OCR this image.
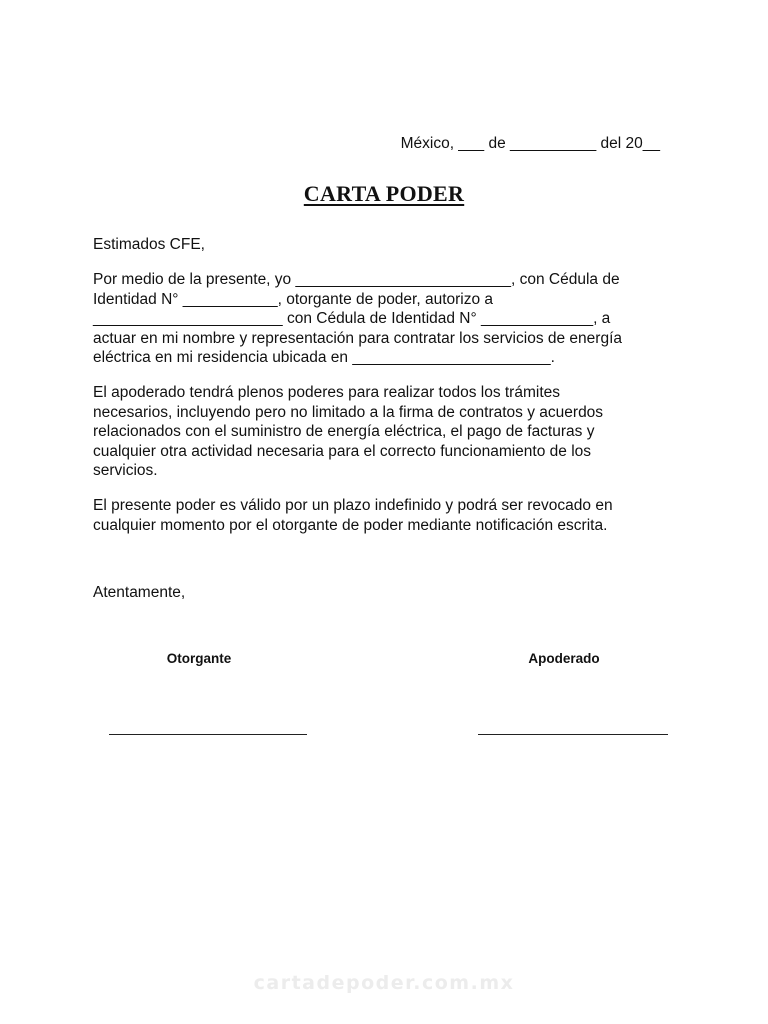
México, ___ de __________ del 20__
CARTA PODER
Estimados CFE,
Por medio de la presente, yo _________________________, con Cédula de
Identidad N° ___________, otorgante de poder, autorizo a
______________________ con Cédula de Identidad N° _____________, a
actuar en mi nombre y representación para contratar los servicios de energía
eléctrica en mi residencia ubicada en _______________________.
El apoderado tendrá plenos poderes para realizar todos los trámites
necesarios, incluyendo pero no limitado a la firma de contratos y acuerdos
relacionados con el suministro de energía eléctrica, el pago de facturas y
cualquier otra actividad necesaria para el correcto funcionamiento de los
servicios.
El presente poder es válido por un plazo indefinido y podrá ser revocado en
cualquier momento por el otorgante de poder mediante notificación escrita.
Atentamente,
Otorgante	Apoderado
cartadepoder.com.mx
